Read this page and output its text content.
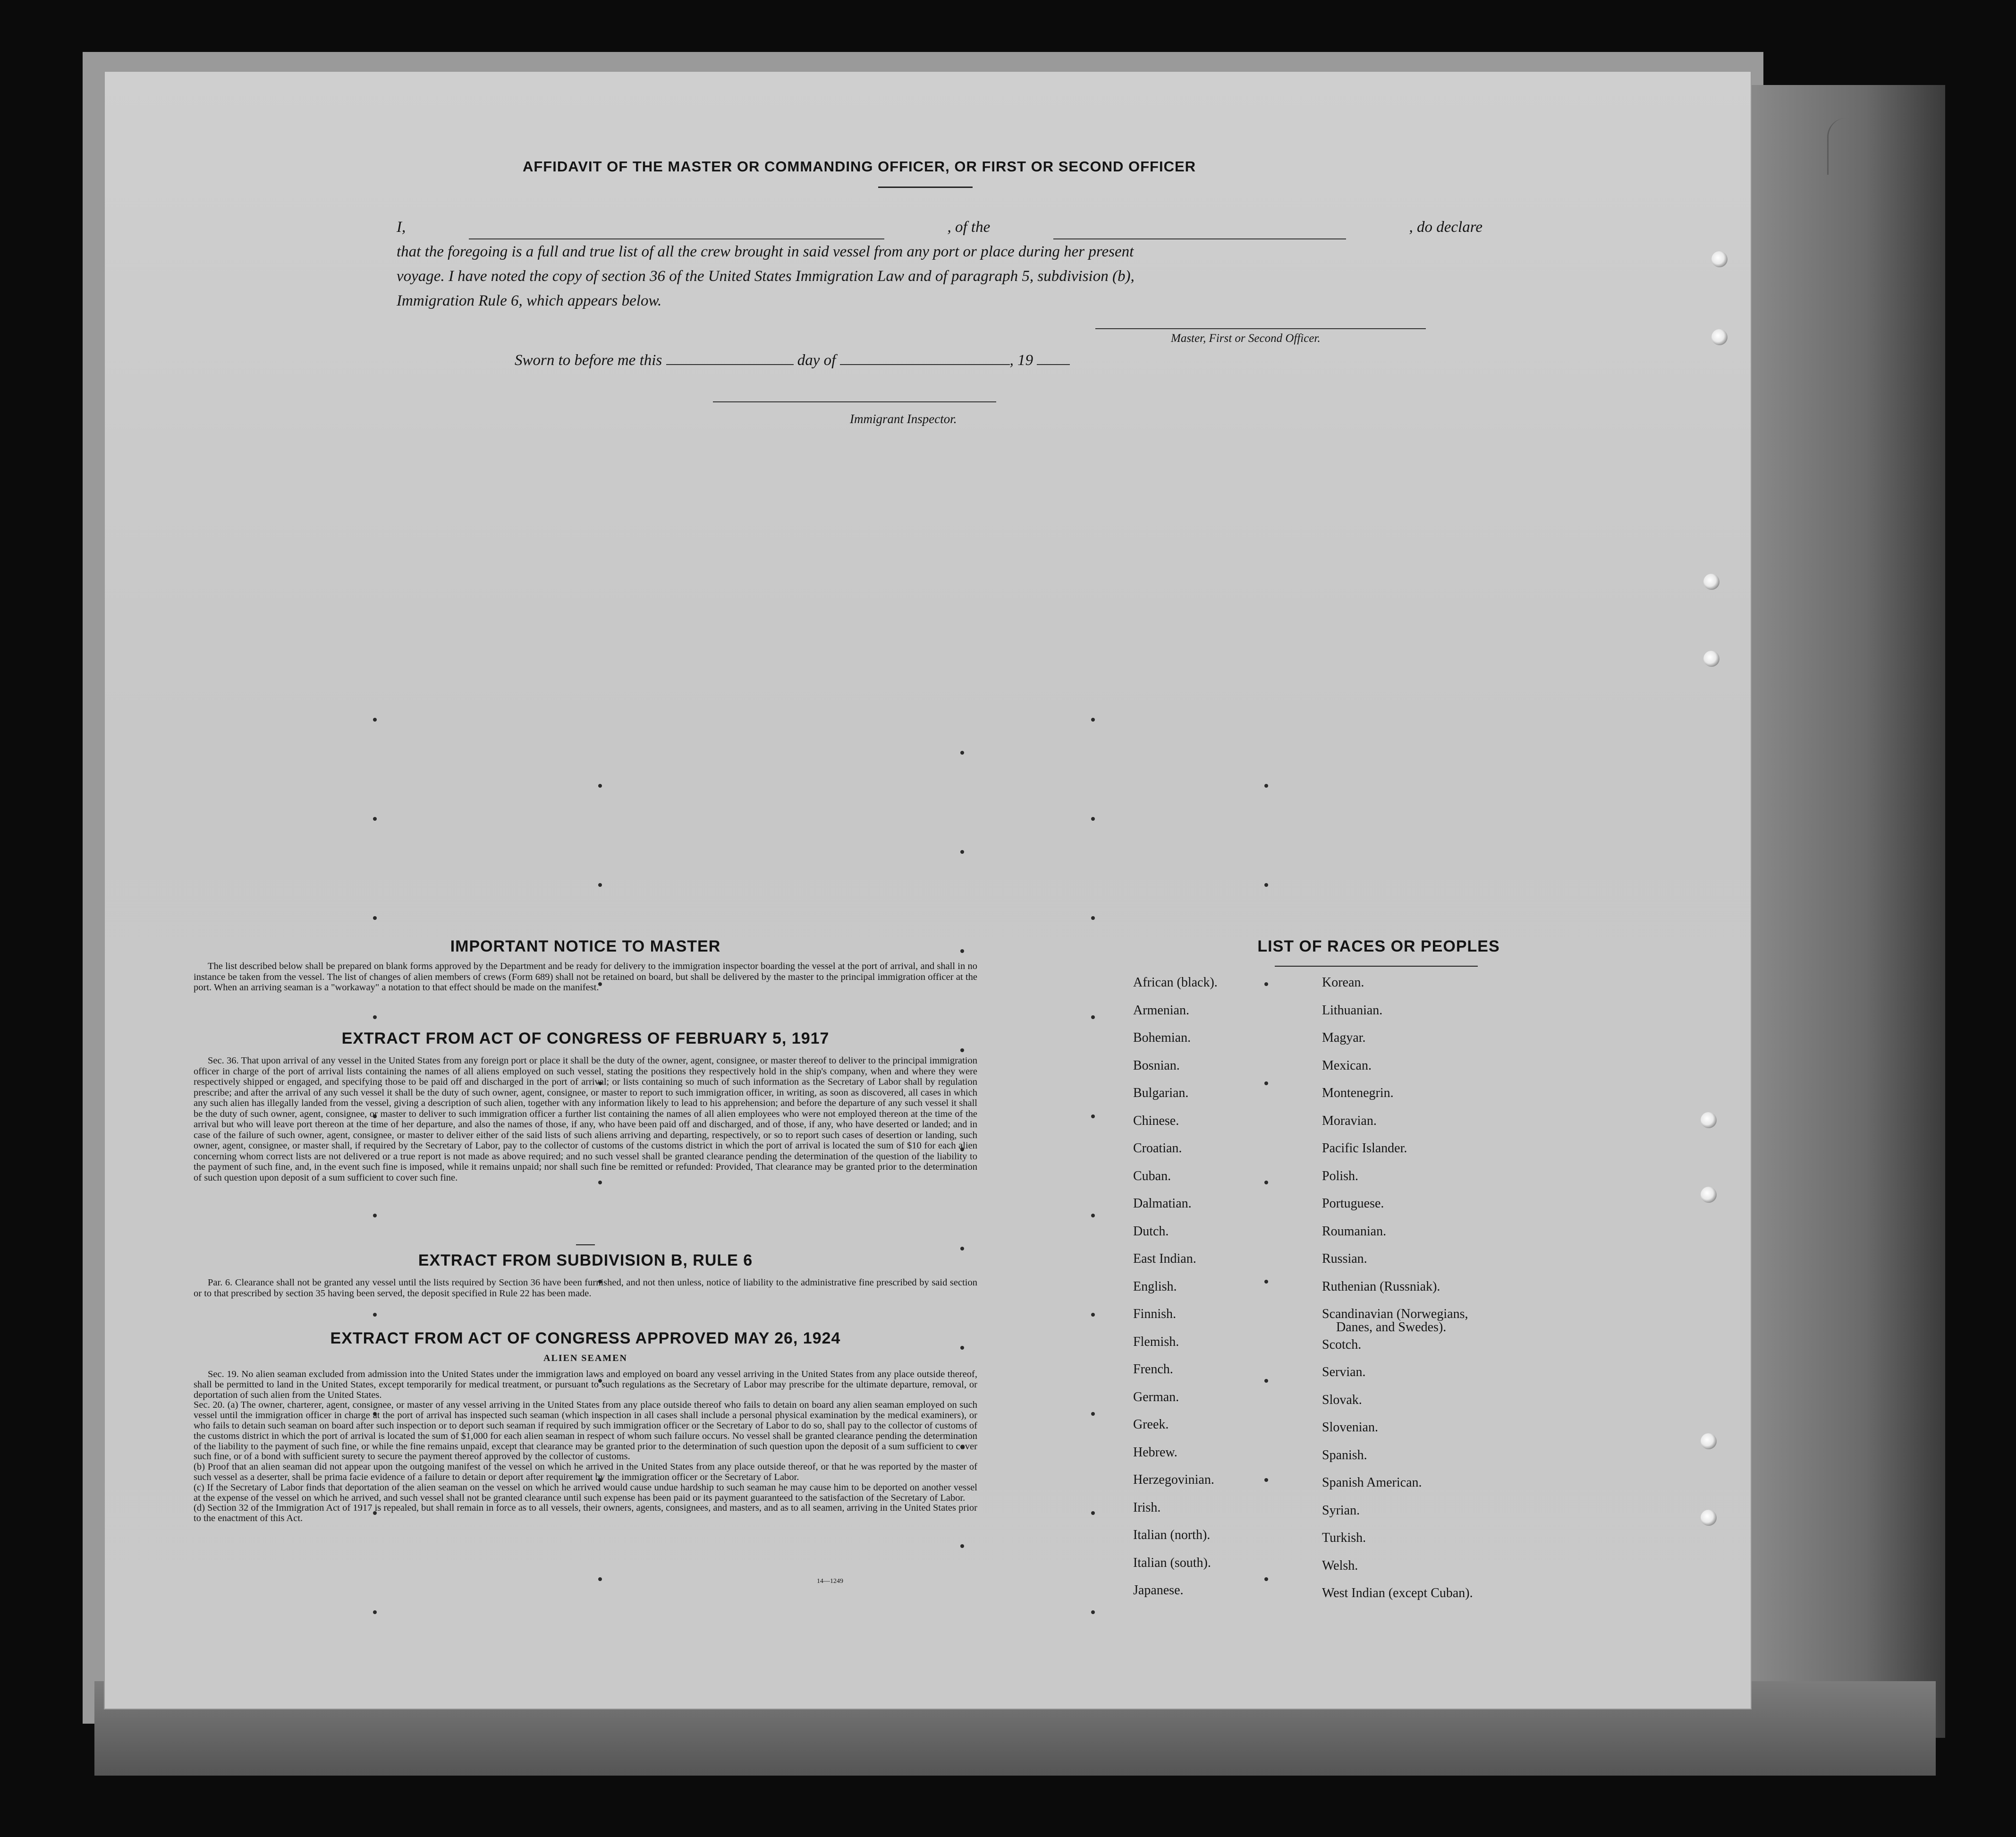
AFFIDAVIT OF THE MASTER OR COMMANDING OFFICER, OR FIRST OR SECOND OFFICER
I,	, of the	, do declare
that the foregoing is a full and true list of all the crew brought in said vessel from any port or place during her present
voyage. I have noted the copy of section 36 of the United States Immigration Law and of paragraph 5, subdivision (b),
Immigration Rule 6, which appears below.
Master, First or Second Officer.
Sworn to before me this	day of	, 19
Immigrant Inspector.
IMPORTANT NOTICE TO MASTER
The list described below shall be prepared on blank forms approved by the Department and be ready for delivery to the immigration inspector boarding the vessel at the port of arrival, and shall in no instance be taken from the vessel. The list of changes of alien members of crews (Form 689) shall not be retained on board, but shall be delivered by the master to the principal immigration officer at the port. When an arriving seaman is a "workaway" a notation to that effect should be made on the manifest.
EXTRACT FROM ACT OF CONGRESS OF FEBRUARY 5, 1917
Sec. 36. That upon arrival of any vessel in the United States from any foreign port or place it shall be the duty of the owner, agent, consignee, or master thereof to deliver to the principal immigration officer in charge of the port of arrival lists containing the names of all aliens employed on such vessel, stating the positions they respectively hold in the ship's company, when and where they were respectively shipped or engaged, and specifying those to be paid off and discharged in the port of arrival; or lists containing so much of such information as the Secretary of Labor shall by regulation prescribe; and after the arrival of any such vessel it shall be the duty of such owner, agent, consignee, or master to report to such immigration officer, in writing, as soon as discovered, all cases in which any such alien has illegally landed from the vessel, giving a description of such alien, together with any information likely to lead to his apprehension; and before the departure of any such vessel it shall be the duty of such owner, agent, consignee, or master to deliver to such immigration officer a further list containing the names of all alien employees who were not employed thereon at the time of the arrival but who will leave port thereon at the time of her departure, and also the names of those, if any, who have been paid off and discharged, and of those, if any, who have deserted or landed; and in case of the failure of such owner, agent, consignee, or master to deliver either of the said lists of such aliens arriving and departing, respectively, or so to report such cases of desertion or landing, such owner, agent, consignee, or master shall, if required by the Secretary of Labor, pay to the collector of customs of the customs district in which the port of arrival is located the sum of $10 for each alien concerning whom correct lists are not delivered or a true report is not made as above required; and no such vessel shall be granted clearance pending the determination of the question of the liability to the payment of such fine, and, in the event such fine is imposed, while it remains unpaid; nor shall such fine be remitted or refunded: Provided, That clearance may be granted prior to the determination of such question upon deposit of a sum sufficient to cover such fine.
EXTRACT FROM SUBDIVISION B, RULE 6
Par. 6. Clearance shall not be granted any vessel until the lists required by Section 36 have been furnished, and not then unless, notice of liability to the administrative fine prescribed by said section or to that prescribed by section 35 having been served, the deposit specified in Rule 22 has been made.
EXTRACT FROM ACT OF CONGRESS APPROVED MAY 26, 1924
ALIEN SEAMEN
Sec. 19. No alien seaman excluded from admission into the United States under the immigration laws and employed on board any vessel arriving in the United States from any place outside thereof, shall be permitted to land in the United States, except temporarily for medical treatment, or pursuant to such regulations as the Secretary of Labor may prescribe for the ultimate departure, removal, or deportation of such alien from the United States.
Sec. 20. (a) The owner, charterer, agent, consignee, or master of any vessel arriving in the United States from any place outside thereof who fails to detain on board any alien seaman employed on such vessel until the immigration officer in charge at the port of arrival has inspected such seaman (which inspection in all cases shall include a personal physical examination by the medical examiners), or who fails to detain such seaman on board after such inspection or to deport such seaman if required by such immigration officer or the Secretary of Labor to do so, shall pay to the collector of customs of the customs district in which the port of arrival is located the sum of $1,000 for each alien seaman in respect of whom such failure occurs. No vessel shall be granted clearance pending the determination of the liability to the payment of such fine, or while the fine remains unpaid, except that clearance may be granted prior to the determination of such question upon the deposit of a sum sufficient to cover such fine, or of a bond with sufficient surety to secure the payment thereof approved by the collector of customs.
(b) Proof that an alien seaman did not appear upon the outgoing manifest of the vessel on which he arrived in the United States from any place outside thereof, or that he was reported by the master of such vessel as a deserter, shall be prima facie evidence of a failure to detain or deport after requirement by the immigration officer or the Secretary of Labor.
(c) If the Secretary of Labor finds that deportation of the alien seaman on the vessel on which he arrived would cause undue hardship to such seaman he may cause him to be deported on another vessel at the expense of the vessel on which he arrived, and such vessel shall not be granted clearance until such expense has been paid or its payment guaranteed to the satisfaction of the Secretary of Labor.
(d) Section 32 of the Immigration Act of 1917 is repealed, but shall remain in force as to all vessels, their owners, agents, consignees, and masters, and as to all seamen, arriving in the United States prior to the enactment of this Act.
14—1249
LIST OF RACES OR PEOPLES
African (black).
Armenian.
Bohemian.
Bosnian.
Bulgarian.
Chinese.
Croatian.
Cuban.
Dalmatian.
Dutch.
East Indian.
English.
Finnish.
Flemish.
French.
German.
Greek.
Hebrew.
Herzegovinian.
Irish.
Italian (north).
Italian (south).
Japanese.
Korean.
Lithuanian.
Magyar.
Mexican.
Montenegrin.
Moravian.
Pacific Islander.
Polish.
Portuguese.
Roumanian.
Russian.
Ruthenian (Russniak).
Scandinavian (Norwegians,
Scotch.
Servian.
Slovak.
Slovenian.
Spanish.
Spanish American.
Syrian.
Turkish.
Welsh.
West Indian (except Cuban).
Danes, and Swedes).
